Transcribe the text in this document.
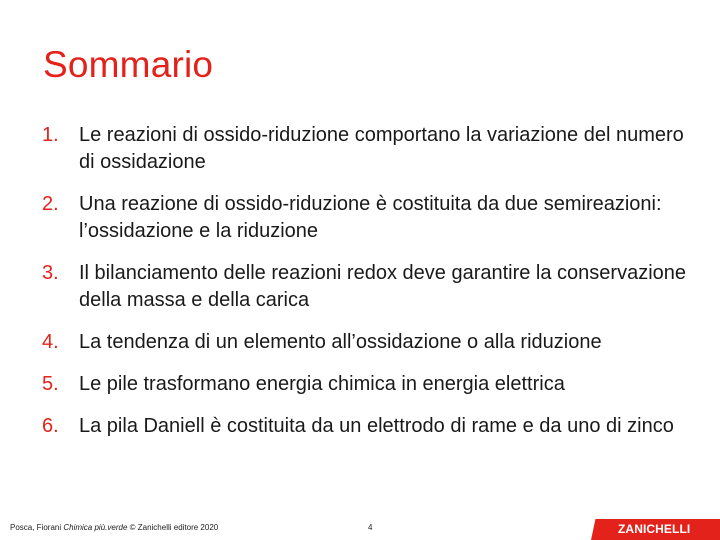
Sommario
1.	Le reazioni di ossido-riduzione comportano la variazione del numero di ossidazione
2.	Una reazione di ossido-riduzione è costituita da due semireazioni: l’ossidazione e la riduzione
3.	Il bilanciamento delle reazioni redox deve garantire la conservazione della massa e della carica
4.	La tendenza di un elemento all’ossidazione o alla riduzione
5.	Le pile trasformano energia chimica in energia elettrica
6.	La pila Daniell è costituita da un elettrodo di rame e da uno di zinco
Posca, Fiorani Chimica più.verde © Zanichelli editore 2020	4	ZANICHELLI
